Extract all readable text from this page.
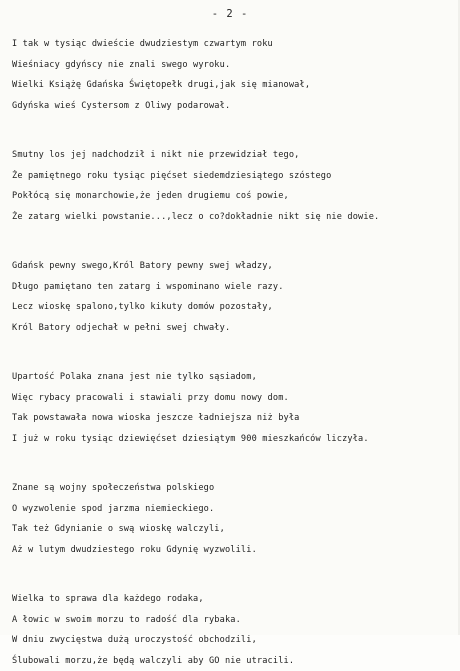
- 2 -
I tak w tysiąc dwieście dwudziestym czwartym roku
Wieśniacy gdyńscy nie znali swego wyroku.
Wielki Książę Gdańska Świętopełk drugi,jak się mianował,
Gdyńska wieś Cystersom z Oliwy podarował.
Smutny los jej nadchodził i nikt nie przewidział tego,
Że pamiętnego roku tysiąc pięćset siedemdziesiątego szóstego
Pokłócą się monarchowie,że jeden drugiemu coś powie,
Że zatarg wielki powstanie...,lecz o co?dokładnie nikt się nie dowie.
Gdańsk pewny swego,Król Batory pewny swej władzy,
Długo pamiętano ten zatarg i wspominano wiele razy.
Lecz wioskę spalono,tylko kikuty domów pozostały,
Król Batory odjechał w pełni swej chwały.
Upartość Polaka znana jest nie tylko sąsiadom,
Więc rybacy pracowali i stawiali przy domu nowy dom.
Tak powstawała nowa wioska jeszcze ładniejsza niż była
I już w roku tysiąc dziewięćset dziesiątym 900 mieszkańców liczyła.
Znane są wojny społeczeństwa polskiego
O wyzwolenie spod jarzma niemieckiego.
Tak też Gdynianie o swą wioskę walczyli,
Aż w lutym dwudziestego roku Gdynię wyzwolili.
Wielka to sprawa dla każdego rodaka,
A łowic w swoim morzu to radość dla rybaka.
W dniu zwycięstwa dużą uroczystość obchodzili,
Ślubowali morzu,że będą walczyli aby GO nie utracili.
